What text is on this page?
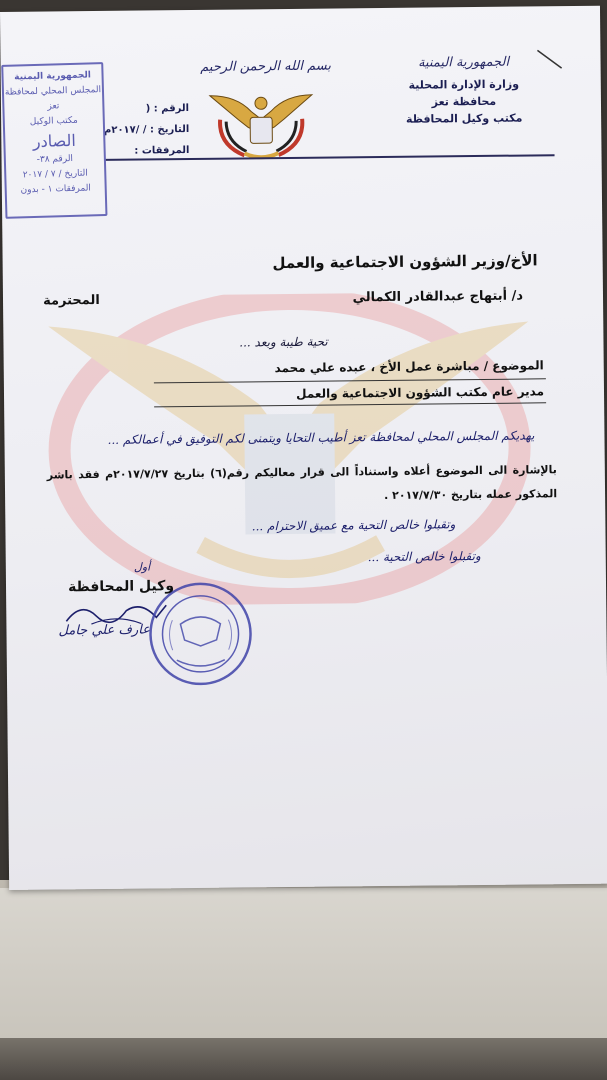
الجمهورية اليمنية
وزارة الإدارة المحلية
محافظة تعز
مكتب وكيل المحافظة
بسم الله الرحمن الرحيم
الرقم : (
التاريخ : / /٢٠١٧م
المرفقات :
الجمهورية اليمنية
المجلس المحلي لمحافظة تعز
مكتب الوكيل
الصادر
الرقم ٣٨-
التاريخ / ٧ / ٢٠١٧
المرفقات ١ - بدون
الأخ/وزير الشؤون الاجتماعية والعمل
د/ أبتهاج عبدالقادر الكمالي
المحترمة
تحية طيبة وبعد ...
الموضوع / مباشرة عمل الأخ ، عبده علي محمد
مدير عام مكتب الشؤون الاجتماعية والعمل
يهديكم المجلس المحلي لمحافظة تعز أطيب التحايا ويتمنى لكم التوفيق في أعمالكم ...
بالإشارة الى الموضوع أعلاه واستناداً الى قرار معاليكم رقم(٦) بتاريخ ٢٠١٧/٧/٢٧م فقد باشر المذكور عمله بتاريخ ٢٠١٧/٧/٣٠ .
وتقبلوا خالص التحية مع عميق الاحترام ...
وتقبلوا خالص التحية ...
أول
وكيل المحافظة
عارف علي جامل
